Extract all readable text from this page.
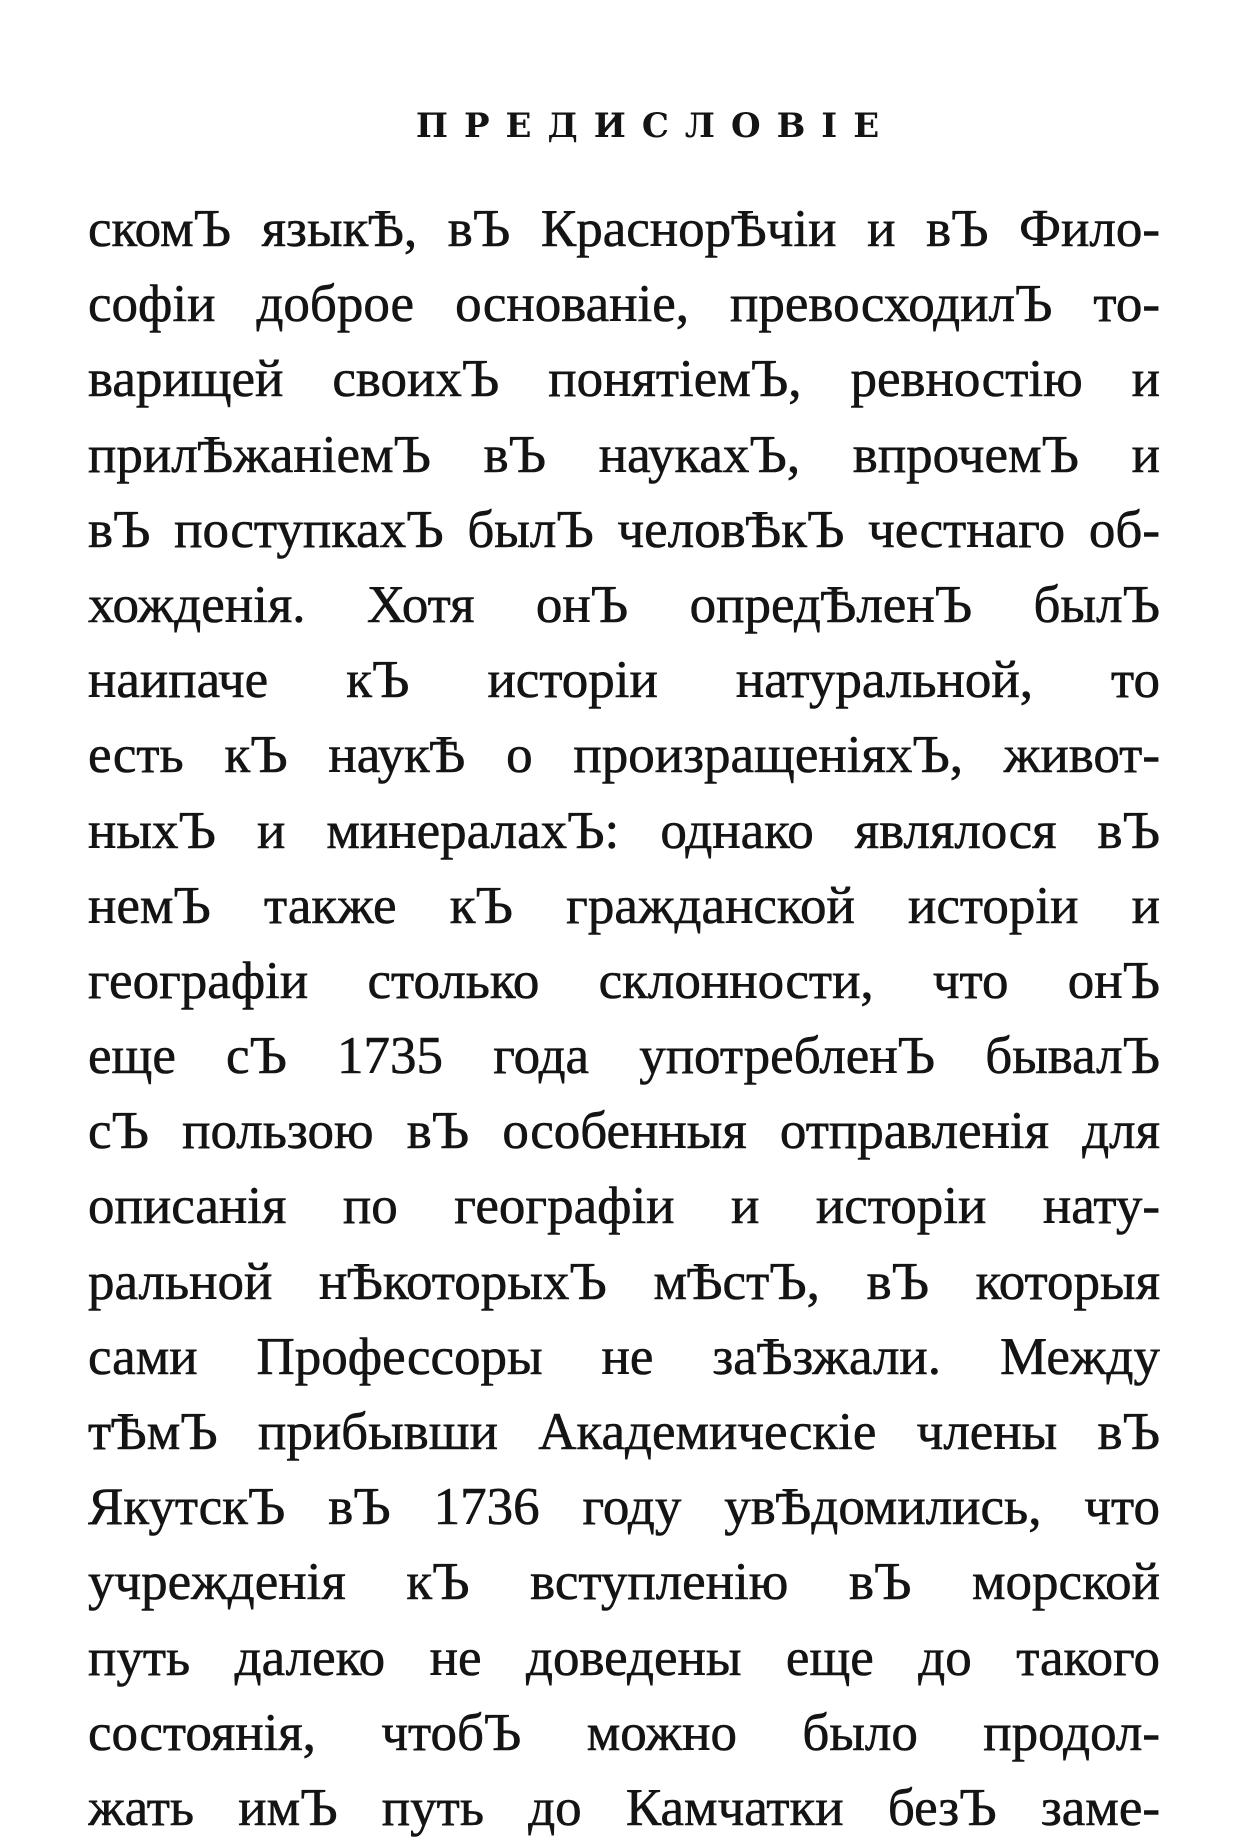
ПРЕДИСЛОВІЕ
скомЪ языкѢ, вЪ КраснорѢчіи и вЪ Фило-
софіи доброе основаніе, превосходилЪ то-
варищей своихЪ понятіемЪ, ревностію и
прилѢжаніемЪ вЪ наукахЪ, впрочемЪ и
вЪ поступкахЪ былЪ человѢкЪ честнаго об-
хожденія. Хотя онЪ опредѢленЪ былЪ
наипаче кЪ исторіи натуральной, то
есть кЪ наукѢ о произращеніяхЪ, живот-
ныхЪ и минералахЪ: однако являлося вЪ
немЪ также кЪ гражданской исторіи и
географіи столько склонности, что онЪ
еще сЪ 1735 года употребленЪ бывалЪ
сЪ пользою вЪ особенныя отправленія для
описанія по географіи и исторіи нату-
ральной нѢкоторыхЪ мѢстЪ, вЪ которыя
сами Профессоры не заѢзжали. Между
тѢмЪ прибывши Академическіе члены вЪ
ЯкутскЪ вЪ 1736 году увѢдомились, что
учрежденія кЪ вступленію вЪ морской
путь далеко не доведены еще до такого
состоянія, чтобЪ можно было продол-
жать имЪ путь до Камчатки безЪ заме-
